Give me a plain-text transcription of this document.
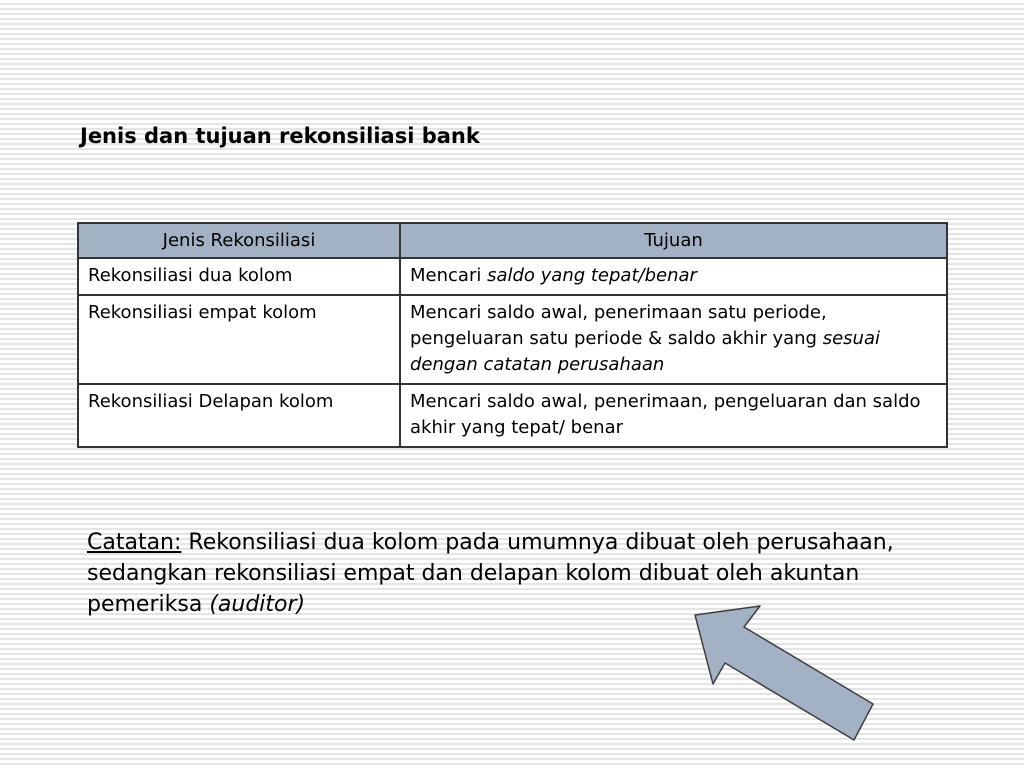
Jenis dan tujuan rekonsiliasi bank
Jenis Rekonsiliasi	Tujuan
Rekonsiliasi dua kolom	Mencari saldo yang tepat/benar
Rekonsiliasi empat kolom	Mencari saldo awal, penerimaan satu periode, pengeluaran satu periode & saldo akhir yang sesuai dengan catatan perusahaan
Rekonsiliasi Delapan kolom	Mencari saldo awal, penerimaan, pengeluaran dan saldo akhir yang tepat/ benar

Catatan: Rekonsiliasi dua kolom pada umumnya dibuat oleh perusahaan, sedangkan rekonsiliasi empat dan delapan kolom dibuat oleh akuntan pemeriksa (auditor)
